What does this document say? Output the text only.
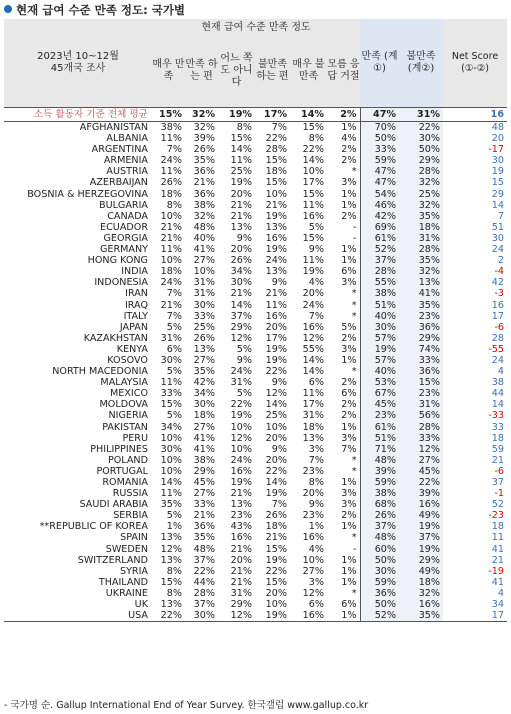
현재 급여 수준 만족 정도: 국가별
2023년 10~12월
45개국 조사	현재 급여 수준 만족 정도						만족 (계①)	불만족 (계②)	Net Score (①-②)
	매우 만족	만족 하는 편	어느 쪽도 아니다	불만족 하는 편	매우 불만족	모름 응답 거절			
소득 활동자 기준 전체 평균	15%	32%	19%	17%	14%	2%	47%	31%	16
AFGHANISTAN	38%	32%	8%	7%	15%	1%	70%	22%	48
ALBANIA	11%	39%	15%	22%	8%	4%	50%	30%	20
ARGENTINA	7%	26%	14%	28%	22%	2%	33%	50%	-17
ARMENIA	24%	35%	11%	15%	14%	2%	59%	29%	30
AUSTRIA	11%	36%	25%	18%	10%	*	47%	28%	19
AZERBAIJAN	26%	21%	19%	15%	17%	3%	47%	32%	15
BOSNIA & HERZEGOVINA	18%	36%	20%	10%	15%	1%	54%	25%	29
BULGARIA	8%	38%	21%	21%	11%	1%	46%	32%	14
CANADA	10%	32%	21%	19%	16%	2%	42%	35%	7
ECUADOR	21%	48%	13%	13%	5%	-	69%	18%	51
GEORGIA	21%	40%	9%	16%	15%	-	61%	31%	30
GERMANY	11%	41%	20%	19%	9%	1%	52%	28%	24
HONG KONG	10%	27%	26%	24%	11%	1%	37%	35%	2
INDIA	18%	10%	34%	13%	19%	6%	28%	32%	-4
INDONESIA	24%	31%	30%	9%	4%	3%	55%	13%	42
IRAN	7%	31%	21%	21%	20%	*	38%	41%	-3
IRAQ	21%	30%	14%	11%	24%	*	51%	35%	16
ITALY	7%	33%	37%	16%	7%	*	40%	23%	17
JAPAN	5%	25%	29%	20%	16%	5%	30%	36%	-6
KAZAKHSTAN	31%	26%	12%	17%	12%	2%	57%	29%	28
KENYA	6%	13%	5%	19%	55%	3%	19%	74%	-55
KOSOVO	30%	27%	9%	19%	14%	1%	57%	33%	24
NORTH MACEDONIA	5%	35%	24%	22%	14%	*	40%	36%	4
MALAYSIA	11%	42%	31%	9%	6%	2%	53%	15%	38
MEXICO	33%	34%	5%	12%	11%	6%	67%	23%	44
MOLDOVA	15%	30%	22%	14%	17%	2%	45%	31%	14
NIGERIA	5%	18%	19%	25%	31%	2%	23%	56%	-33
PAKISTAN	34%	27%	10%	10%	18%	1%	61%	28%	33
PERU	10%	41%	12%	20%	13%	3%	51%	33%	18
PHILIPPINES	30%	41%	10%	9%	3%	7%	71%	12%	59
POLAND	10%	38%	24%	20%	7%	*	48%	27%	21
PORTUGAL	10%	29%	16%	22%	23%	*	39%	45%	-6
ROMANIA	14%	45%	19%	14%	8%	1%	59%	22%	37
RUSSIA	11%	27%	21%	19%	20%	3%	38%	39%	-1
SAUDI ARABIA	35%	33%	13%	7%	9%	3%	68%	16%	52
SERBIA	5%	21%	23%	26%	23%	2%	26%	49%	-23
**REPUBLIC OF KOREA	1%	36%	43%	18%	1%	1%	37%	19%	18
SPAIN	13%	35%	16%	21%	16%	*	48%	37%	11
SWEDEN	12%	48%	21%	15%	4%	-	60%	19%	41
SWITZERLAND	13%	37%	20%	19%	10%	1%	50%	29%	21
SYRIA	8%	22%	21%	22%	27%	1%	30%	49%	-19
THAILAND	15%	44%	21%	15%	3%	1%	59%	18%	41
UKRAINE	8%	28%	31%	20%	12%	*	36%	32%	4
UK	13%	37%	29%	10%	6%	6%	50%	16%	34
USA	22%	30%	12%	19%	16%	1%	52%	35%	17
- 국가명 순. Gallup International End of Year Survey. 한국갤럽 www.gallup.co.kr
